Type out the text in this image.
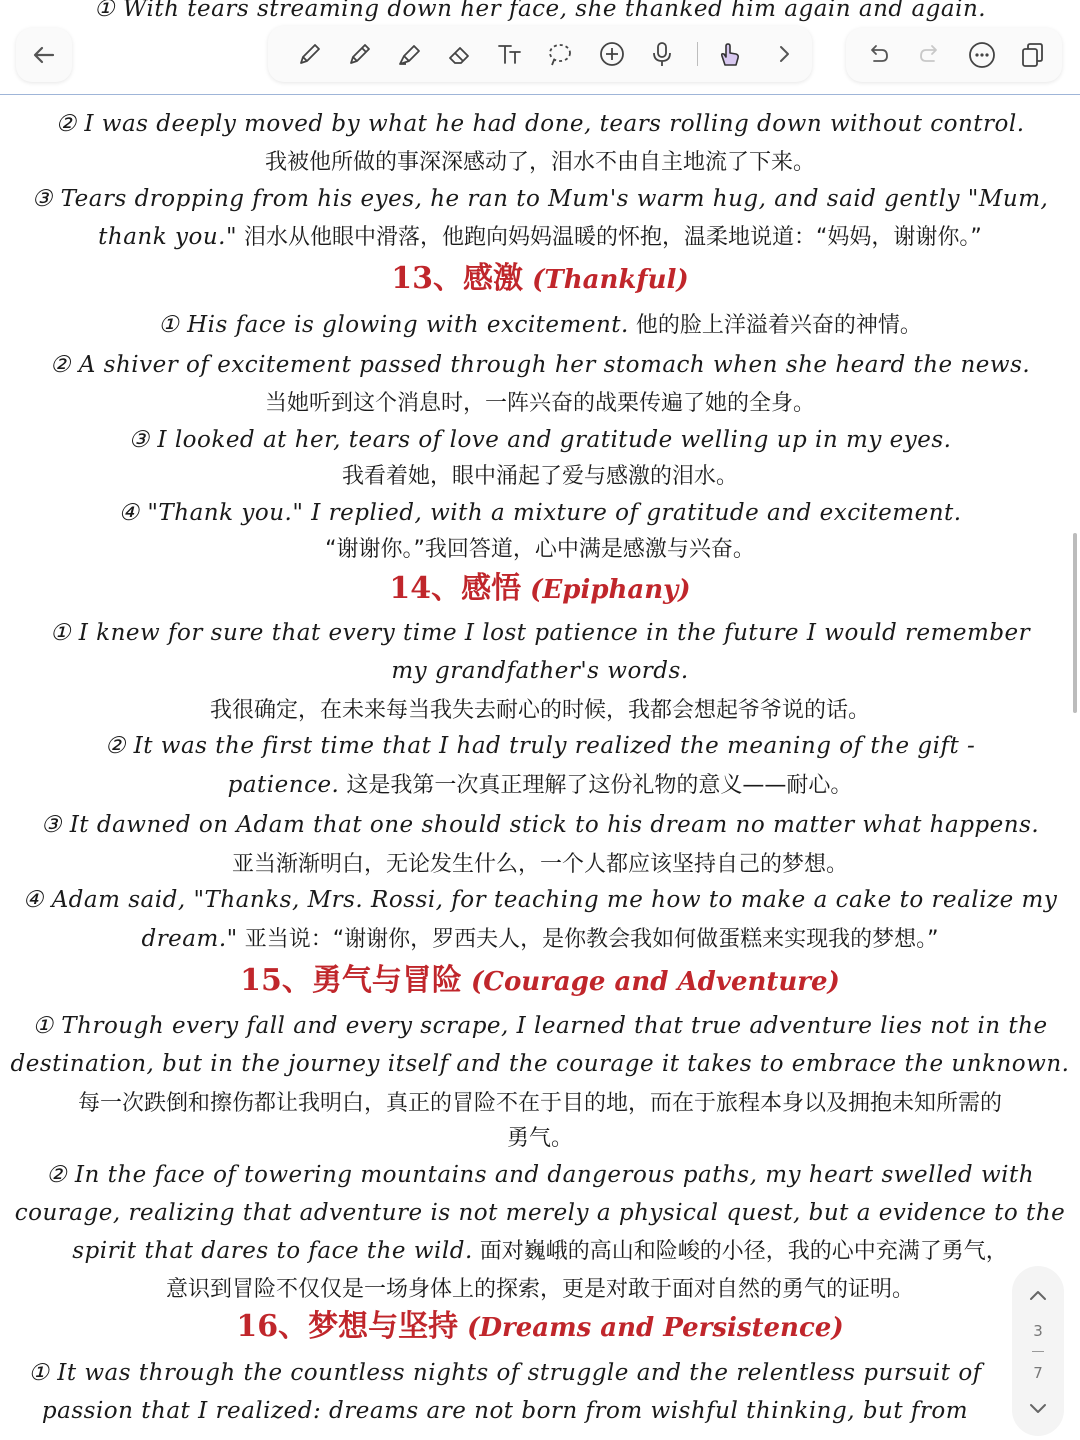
① With tears streaming down her face, she thanked him again and again.
② I was deeply moved by what he had done, tears rolling down without control.
我被他所做的事深深感动了，泪水不由自主地流了下来。
③ Tears dropping from his eyes, he ran to Mum's warm hug, and said gently "Mum,
thank you." 泪水从他眼中滑落，他跑向妈妈温暖的怀抱，温柔地说道：“妈妈，谢谢你。”
13、感激 (Thankful)
① His face is glowing with excitement. 他的脸上洋溢着兴奋的神情。
② A shiver of excitement passed through her stomach when she heard the news.
当她听到这个消息时，一阵兴奋的战栗传遍了她的全身。
③ I looked at her, tears of love and gratitude welling up in my eyes.
我看着她，眼中涌起了爱与感激的泪水。
④ "Thank you." I replied, with a mixture of gratitude and excitement.
“谢谢你。”我回答道，心中满是感激与兴奋。
14、感悟 (Epiphany)
① I knew for sure that every time I lost patience in the future I would remember
my grandfather's words.
我很确定，在未来每当我失去耐心的时候，我都会想起爷爷说的话。
② It was the first time that I had truly realized the meaning of the gift -
patience. 这是我第一次真正理解了这份礼物的意义——耐心。
③ It dawned on Adam that one should stick to his dream no matter what happens.
亚当渐渐明白，无论发生什么，一个人都应该坚持自己的梦想。
④ Adam said, "Thanks, Mrs. Rossi, for teaching me how to make a cake to realize my
dream." 亚当说：“谢谢你，罗西夫人，是你教会我如何做蛋糕来实现我的梦想。”
15、勇气与冒险 (Courage and Adventure)
① Through every fall and every scrape, I learned that true adventure lies not in the
destination, but in the journey itself and the courage it takes to embrace the unknown.
每一次跌倒和擦伤都让我明白，真正的冒险不在于目的地，而在于旅程本身以及拥抱未知所需的
勇气。
② In the face of towering mountains and dangerous paths, my heart swelled with
courage, realizing that adventure is not merely a physical quest, but a evidence to the
spirit that dares to face the wild. 面对巍峨的高山和险峻的小径，我的心中充满了勇气，
意识到冒险不仅仅是一场身体上的探索，更是对敢于面对自然的勇气的证明。
16、梦想与坚持 (Dreams and Persistence)
① It was through the countless nights of struggle and the relentless pursuit of
passion that I realized: dreams are not born from wishful thinking, but from
3
7
